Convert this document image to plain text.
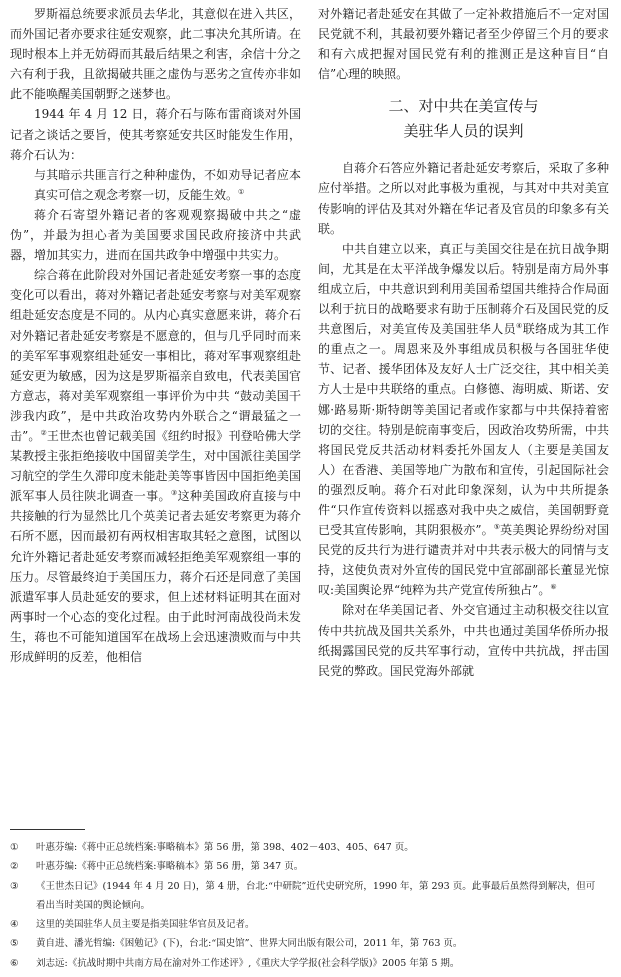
罗斯福总统要求派员去华北，其意似在进入共区，而外国记者亦要求往延安观察，此二事决允其所请。在现时根本上并无妨碍而其最后结果之利害，余信十分之六有利于我，且欲揭破共匪之虚伪与恶劣之宣传亦非如此不能唤醒美国朝野之迷梦也。

1944 年 4 月 12 日，蒋介石与陈布雷商谈对外国记者之谈话之要旨，使其考察延安共区时能发生作用，蒋介石认为：

与其暗示共匪言行之种种虚伪，不如劝导记者应本真实可信之观念考察一切，反能生效。①

蒋介石寄望外籍记者的客观观察揭破中共之“虚伪”，并最为担心者为美国要求国民政府接济中共武器，增加其实力，进而在国共政争中增强中共实力。

综合蒋在此阶段对外国记者赴延安考察一事的态度变化可以看出，蒋对外籍记者赴延安考察与对美军观察组赴延安态度是不同的。从内心真实意愿来讲，蒋介石对外籍记者赴延安考察是不愿意的，但与几乎同时而来的美军军事观察组赴延安一事相比，蒋对军事观察组赴延安更为敏感，因为这是罗斯福亲自致电，代表美国官方意志，蒋对美军观察组一事评价为中共 “鼓动美国干涉我内政”，是中共政治攻势内外联合之“谓最猛之一击”。②王世杰也曾记载美国《纽约时报》刊登哈佛大学某教授主张拒绝接收中国留美学生，对中国派往美国学习航空的学生久滞印度未能赴美等事皆因中国拒绝美国派军事人员往陕北调查一事。③这种美国政府直接与中共接触的行为显然比几个英美记者去延安考察更为蒋介石所不愿，因而最初有两权相害取其轻之意图，试图以允许外籍记者赴延安考察而减轻拒绝美军观察组一事的压力。尽管最终迫于美国压力，蒋介石还是同意了美国派遣军事人员赴延安的要求，但上述材料证明其在面对两事时一个心态的变化过程。由于此时河南战役尚未发生，蒋也不可能知道国军在战场上会迅速溃败而与中共形成鲜明的反差，他相信

对外籍记者赴延安在其做了一定补救措施后不一定对国民党就不利，其最初要外籍记者至少停留三个月的要求和有六成把握对国民党有利的推测正是这种盲目“自信”心理的映照。

二、对中共在美宣传与
美驻华人员的误判

自蒋介石答应外籍记者赴延安考察后，采取了多种应付举措。之所以对此事极为重视，与其对中共对美宣传影响的评估及其对外籍在华记者及官员的印象多有关联。

中共自建立以来，真正与美国交往是在抗日战争期间，尤其是在太平洋战争爆发以后。特别是南方局外事组成立后，中共意识到利用美国希望国共维持合作局面以利于抗日的战略要求有助于压制蒋介石及国民党的反共意图后，对美宣传及美国驻华人员④联络成为其工作的重点之一。周恩来及外事组成员积极与各国驻华使节、记者、援华团体及友好人士广泛交往，其中相关美方人士是中共联络的重点。白修德、海明威、斯诺、安娜·路易斯·斯特朗等美国记者或作家都与中共保持着密切的交往。特别是皖南事变后，因政治攻势所需，中共将国民党反共活动材料委托外国友人（主要是美国友人）在香港、美国等地广为散布和宣传，引起国际社会的强烈反响。蒋介石对此印象深刻，认为中共所提条件“只作宣传资料以摇惑对我中央之威信，美国朝野竟已受其宣传影响，其阴狠极亦”。⑤英美舆论界纷纷对国民党的反共行为进行谴责并对中共表示极大的同情与支持，这使负责对外宣传的国民党中宣部副部长董显光惊叹:美国舆论界“纯粹为共产党宣传所独占”。⑥

除对在华美国记者、外交官通过主动积极交往以宣传中共抗战及国共关系外，中共也通过美国华侨所办报纸揭露国民党的反共军事行动，宣传中共抗战，抨击国民党的弊政。国民党海外部就

①	叶惠芬编:《蒋中正总统档案:事略稿本》第 56 册，第 398、402－403、405、647 页。
②	叶惠芬编:《蒋中正总统档案:事略稿本》第 56 册，第 347 页。
③	《王世杰日记》(1944 年 4 月 20 日)，第 4 册，台北:“中研院”近代史研究所，1990 年，第 293 页。此事最后虽然得到解决，但可
看出当时美国的舆论倾向。
④	这里的美国驻华人员主要是指美国驻华官员及记者。
⑤	黄自进、潘光哲编:《困勉记》(下)，台北:“国史馆”、世界大同出版有限公司，2011 年，第 763 页。
⑥	刘志远:《抗战时期中共南方局在渝对外工作述评》,《重庆大学学报(社会科学版)》2005 年第 5 期。
